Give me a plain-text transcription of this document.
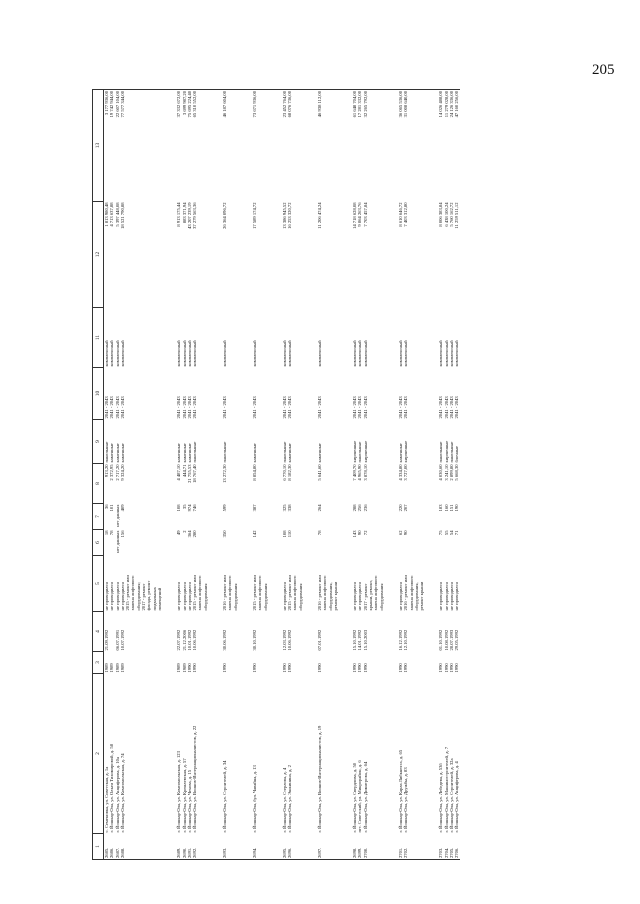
205
1	2	3	4	5	6	7	8	9	10	11	12	13
2685.	с. Семеновка, ул. Советская, д. 1а	1989	21.09.1992	не проводился	18	36	913,20	панельные	2041 - 2043	комплексный	1 813 980,48	3 177 936,00
2686.	г. Йошкар-Ола, ул. Ольги Тихомировой, д. 58	1989		не проводился	78	101	2 372,95	каменные	2041 - 2043	комплексный	4 713 637,88	19 742 944,00
2687.	г. Йошкар-Ола, ул. Анциферова, д. 10а	1989	06.07.1991	не проводился	нет данных	нет данных	2 717,20	каменные	2041 - 2043	комплексный	5 397 448,08	22 607 104,00
2688.	г. Йошкар-Ола, ул. Комсомольская, д. 74	1989	10.07.1992	не проводился	156	409	9 324,20	каменные	2041 - 2043	комплексный	18 521 790,88	77 577 344,00
				2015 - ремонт или								
				замена лифтового								
				оборудования;								
				2017 - ремонт								
				фасада, ремонт								
				подвальных								
				помещений								

2689.	г. Йошкар-Ола, ул. Комсомольская, д. 123	1989	22.07.1992	не проводился	49	108	4 487,10	каменные	2041 - 2043	комплексный	8 913 175,44	37 332 672,00
2690.	г. Йошкар-Ола, ул. Кремлевская, д. 57	1989	21.12.2006	не проводился	2	35	444,71	каменные	2041 - 2043	комплексный	883 371,94	3 699 987,20
2691.	г. Йошкар-Ола, ул. Чехова, д. 15	1990	10.01.1992	не проводился	364	974	21 755,53	каменные	2041 - 2043	комплексный	43 207 239,19	75 695 224,40
2692.	г. Йошкар-Ола, ул. Воинов-Интернационалистов, д. 22	1990	10.06.1992	2015 - ремонт или	280	746	18 767,40	панельные	2041 - 2043	комплексный	37 279 563,36	65 310 552,00
				замена лифтового								
				оборудования								

2693.	г. Йошкар-Ола, ул. Строителей, д. 34	1990	30.06.1992	2016 - ремонт или	350	599	13 272,30	панельные	2041 - 2043	комплексный	26 364 096,72	46 187 604,00
				замена лифтового								
				оборудования								

2694.	г. Йошкар-Ола, бул. Чавайна, д. 13	1990	30.10.1992	2015 - ремонт или	142	387	8 854,80	каменные	2041 - 2043	комплексный	17 589 174,72	73 671 936,00
				замена лифтового								
				оборудования								

2695.	г. Йошкар-Ола, ул. Стерлова, д. 4	1990	12.03.1992	не проводился	108	325	6 770,10	панельные	2041 - 2043	комплексный	13 386 945,52	23 452 764,00
2696.	г. Йошкар-Ола, ул. Эшкинина, д. 2	1990	10.06.1992	2015 - ремонт или	110	338	8 182,30	каменные	2041 - 2043	комплексный	16 253 320,72	68 076 736,00
				замена лифтового								
				оборудования								

2697.	г. Йошкар-Ола, ул. Воинов-Интернационалистов, д. 19	1990	07.01.1992	2016 - ремонт или	78	264	5 641,60	каменные	2041 - 2043	комплексный	11 206 474,24	46 938 112,00
				замена лифтового								
				оборудования,								
				ремонт крыши								

2698.	г. Йошкар-Ола, ул. Свердлова, д. 50	1990	15.10.1992	не проводился	143	288	7 409,70	кирпичные	2041 - 2043	комплексный	14 718 628,08	61 648 704,00
2699.	пгт. Советский, ул. Микрорайон, д. 6	1990	14.01.1992	не проводился	90	256	4 965,90	панельные	2041 - 2043	комплексный	9 864 263,76	17 281 332,00
2700.	г. Йошкар-Ола, ул. Димитрова, д. 64	1990	15.10.2003	2017 - ремонт	72	236	3 878,10	кирпичные	2041 - 2043	комплексный	7 703 457,84	32 265 792,00
				крыши, ремонт,								
				замена лифтового								
				оборудования								

2701.	г. Йошкар-Ола, ул. Карла Либкнехта, д. 65	1990	16.12.1992	не проводился	62	220	4 334,80	каменные	2041 - 2043	комплексный	8 610 646,72	36 065 536,00
2702.	г. Йошкар-Ола, ул. Дружбы, д. 83	1990	12.10.1992	2016 - ремонт или	90	207	3 727,00	кирпичные	2041 - 2043	комплексный	7 403 312,80	31 008 640,00
				замена лифтового								
				оборудования,								
				ремонт крыши								

2703.	г. Йошкар-Ола, ул. Лебедева, д. 53б	1990	01.10.1992	не проводился	75	183	4 030,60	панельные	2041 - 2043	комплексный	8 006 383,84	14 026 488,00
2704.	г. Йошкар-Ола, ул. Машиностроителей, д. 7	1990	10.08.1992	не проводился	55	160	3 241,10	кирпичные	2041 - 2043	комплексный	6 438 100,24	11 279 028,00
2705.	г. Йошкар-Ола, ул. Строителей, д. 32а	1990	28.07.1993	не проводился	54	151	2 899,80	панельные	2041 - 2043	комплексный	5 760 162,72	24 126 336,00
2706.	г. Йошкар-Ола, ул. Анциферова, д. 4	1990	29.05.1992	не проводился	71	190	5 668,30	блочные	2041 - 2043	комплексный	11 259 511,12	47 160 256,00
